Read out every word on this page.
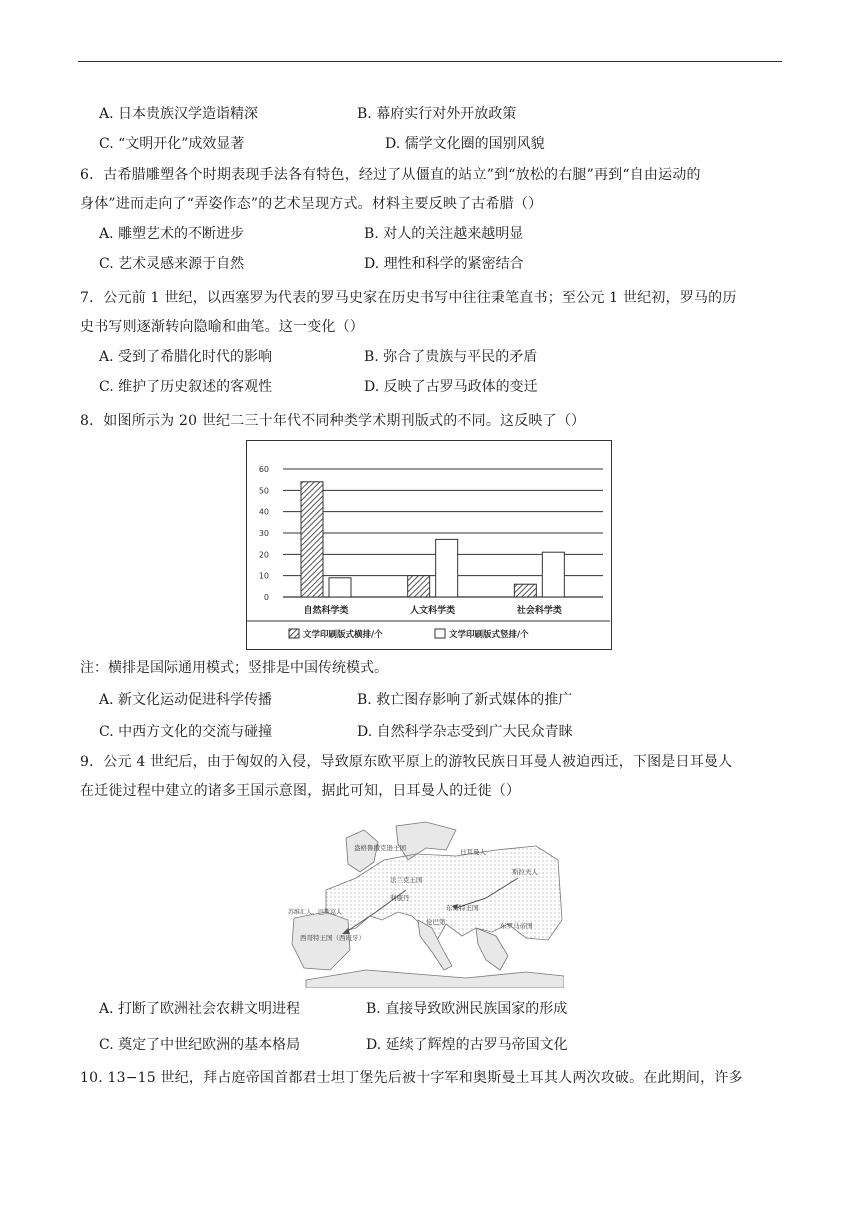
A. 日本贵族汉学造诣精深	B. 幕府实行对外开放政策
C. “文明开化”成效显著	D. 儒学文化圈的国别风貌
6．古希腊雕塑各个时期表现手法各有特色，经过了从僵直的站立”到“放松的右腿”再到“自由运动的
身体”进而走向了“弄姿作态”的艺术呈现方式。材料主要反映了古希腊（）
A. 雕塑艺术的不断进步	B. 对人的关注越来越明显
C. 艺术灵感来源于自然	D. 理性和科学的紧密结合
7．公元前 1 世纪，以西塞罗为代表的罗马史家在历史书写中往往秉笔直书；至公元 1 世纪初，罗马的历
史书写则逐渐转向隐喻和曲笔。这一变化（）
A. 受到了希腊化时代的影响	B. 弥合了贵族与平民的矛盾
C. 维护了历史叙述的客观性	D. 反映了古罗马政体的变迁
8．如图所示为 20 世纪二三十年代不同种类学术期刊版式的不同。这反映了（）
0
10
20
30
40
50
60
自然科学类	人文科学类	社会科学类
文学印刷版式横排/个	文学印刷版式竖排/个
注：横排是国际通用模式；竖排是中国传统模式。
A. 新文化运动促进科学传播	B. 救亡图存影响了新式媒体的推广
C. 中西方文化的交流与碰撞	D. 自然科学杂志受到广大民众青睐
9．公元 4 世纪后，由于匈奴的入侵，导致原东欧平原上的游牧民族日耳曼人被迫西迁，下图是日耳曼人
在迁徙过程中建立的诸多王国示意图，据此可知，日耳曼人的迁徙（）
盎格鲁撒克逊王国
法兰克王国
利康丹
西哥特王国（西班牙）
东哥特王国
东罗马帝国
斯拉夫人
日耳曼人
苏维汇人、巴斯克人
伦巴第
A. 打断了欧洲社会农耕文明进程	B. 直接导致欧洲民族国家的形成
C. 奠定了中世纪欧洲的基本格局	D. 延续了辉煌的古罗马帝国文化
10. 13−15 世纪，拜占庭帝国首都君士坦丁堡先后被十字军和奥斯曼土耳其人两次攻破。在此期间，许多
